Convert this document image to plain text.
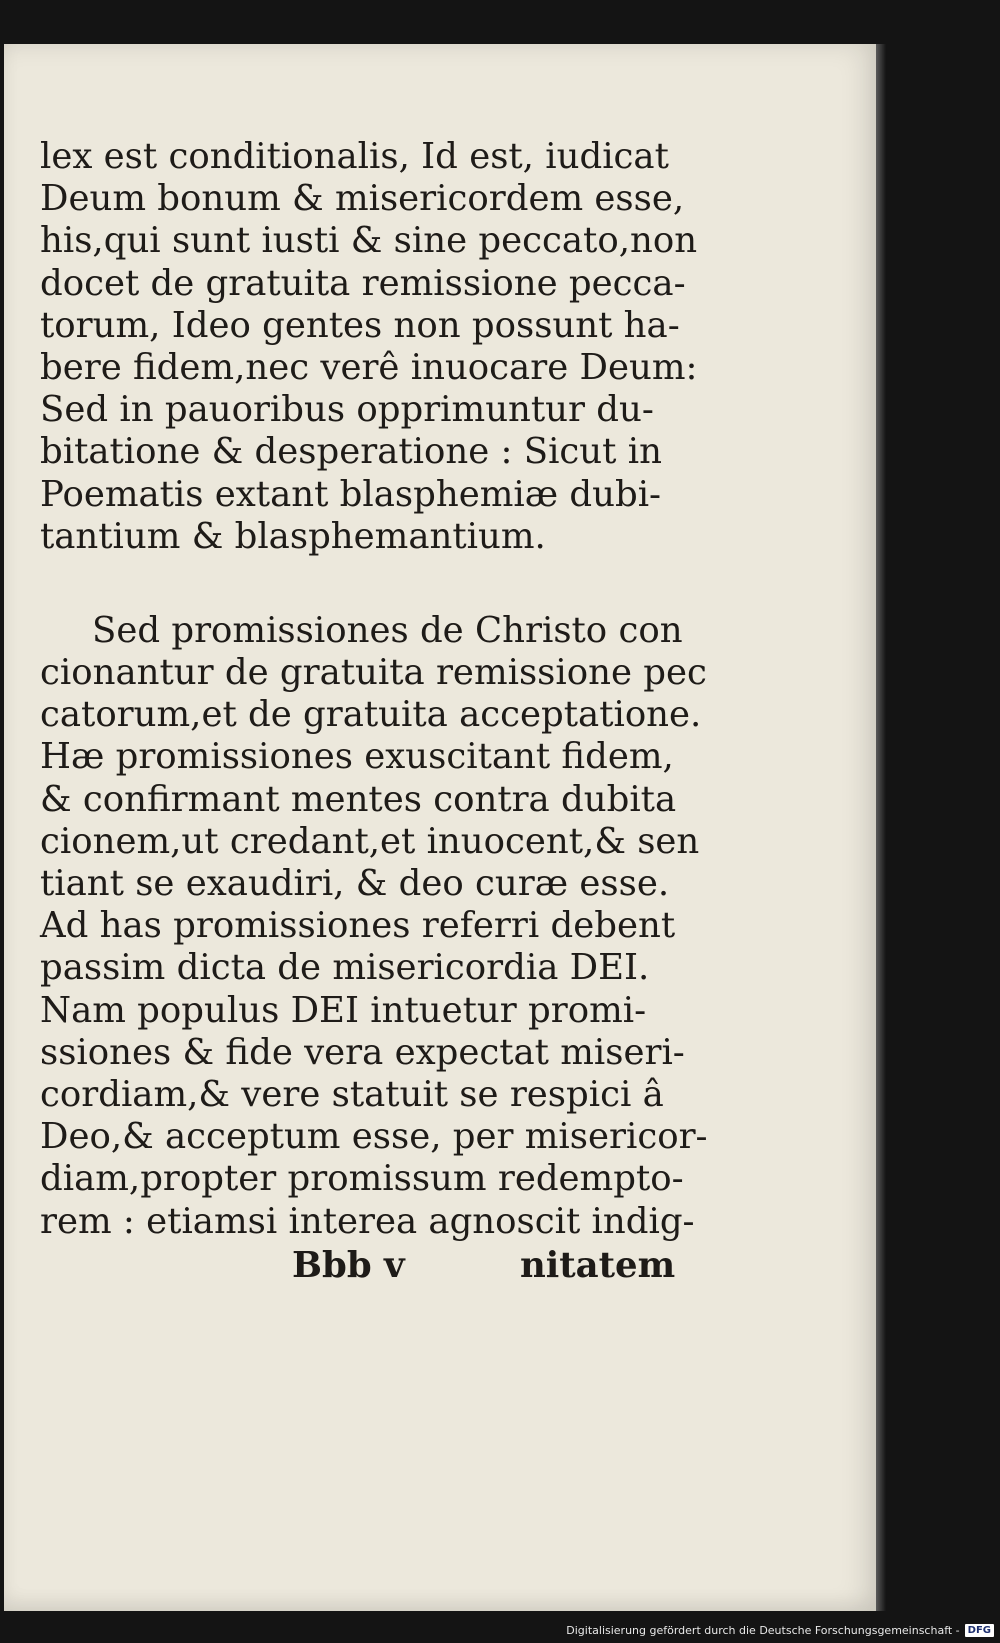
lex est conditionalis, Id est, iudicat
Deum bonum & misericordem esse,
his,qui sunt iusti & sine peccato,non
docet de gratuita remissione pecca-
torum, Ideo gentes non possunt ha-
bere fidem,nec verê inuocare Deum:
Sed in pauoribus opprimuntur du-
bitatione & desperatione : Sicut in
Poematis extant blasphemiæ dubi-
tantium & blasphemantium.
Sed promissiones de Christo con
cionantur de gratuita remissione pec
catorum,et de gratuita acceptatione.
Hæ promissiones exuscitant fidem,
& confirmant mentes contra dubita
cionem,ut credant,et inuocent,& sen
tiant se exaudiri, & deo curæ esse.
Ad has promissiones referri debent
passim dicta de misericordia DEI.
Nam populus DEI intuetur promi-
ssiones & fide vera expectat miseri-
cordiam,& vere statuit se respici â
Deo,& acceptum esse, per misericor-
diam,propter promissum redempto-
rem : etiamsi interea agnoscit indig-
Bbb v	nitatem
Digitalisierung gefördert durch die Deutsche Forschungsgemeinschaft - DFG
